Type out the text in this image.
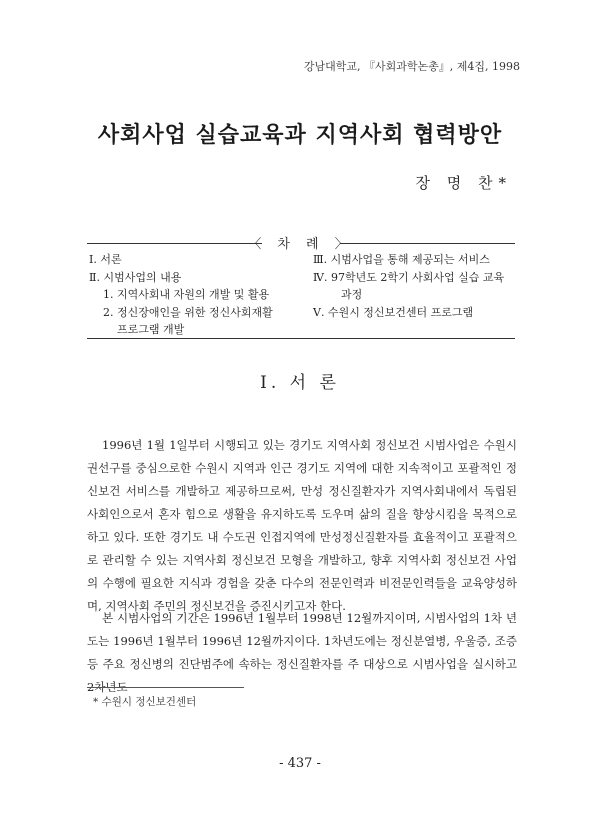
강남대학교, 『사회과학논총』, 제4집, 1998
사회사업 실습교육과 지역사회 협력방안
장 명 찬*
〈 차 례 〉
Ⅰ. 서론
Ⅱ. 시범사업의 내용
1. 지역사회내 자원의 개발 및 활용
2. 정신장애인을 위한 정신사회재활
프로그램 개발
Ⅲ. 시범사업을 통해 제공되는 서비스
Ⅳ. 97학년도 2학기 사회사업 실습 교육
과정
Ⅴ. 수원시 정신보건센터 프로그램
Ⅰ. 서 론

1996년 1월 1일부터 시행되고 있는 경기도 지역사회 정신보건 시범사업은 수원시 권선구를 중심으로한 수원시 지역과 인근 경기도 지역에 대한 지속적이고 포괄적인 정신보건 서비스를 개발하고 제공하므로써, 만성 정신질환자가 지역사회내에서 독립된 사회인으로서 혼자 힘으로 생활을 유지하도록 도우며 삶의 질을 향상시킴을 목적으로 하고 있다. 또한 경기도 내 수도권 인접지역에 만성정신질환자를 효율적이고 포괄적으로 관리할 수 있는 지역사회 정신보건 모형을 개발하고, 향후 지역사회 정신보건 사업의 수행에 필요한 지식과 경험을 갖춘 다수의 전문인력과 비전문인력들을 교육양성하며, 지역사회 주민의 정신보건을 증진시키고자 한다.

본 시범사업의 기간은 1996년 1월부터 1998년 12월까지이며, 시범사업의 1차 년도는 1996년 1월부터 1996년 12월까지이다. 1차년도에는 정신분열병, 우울증, 조증 등 주요 정신병의 진단범주에 속하는 정신질환자를 주 대상으로 시범사업을 실시하고 2차년도

* 수원시 정신보건센터
- 437 -
